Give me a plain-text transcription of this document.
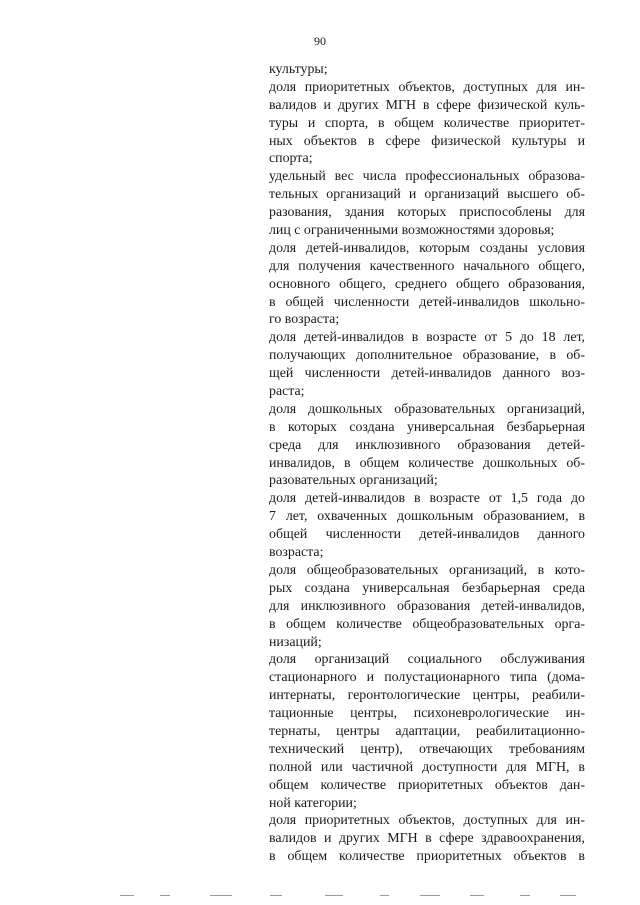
90
культуры;
доля приоритетных объектов, доступных для ин-
валидов и других МГН в сфере физической куль-
туры и спорта, в общем количестве приоритет-
ных объектов в сфере физической культуры и
спорта;
удельный вес числа профессиональных образова-
тельных организаций и организаций высшего об-
разования, здания которых приспособлены для
лиц с ограниченными возможностями здоровья;
доля детей-инвалидов, которым созданы условия
для получения качественного начального общего,
основного общего, среднего общего образования,
в общей численности детей-инвалидов школьно-
го возраста;
доля детей-инвалидов в возрасте от 5 до 18 лет,
получающих дополнительное образование, в об-
щей численности детей-инвалидов данного воз-
раста;
доля дошкольных образовательных организаций,
в которых создана универсальная безбарьерная
среда для инклюзивного образования детей-
инвалидов, в общем количестве дошкольных об-
разовательных организаций;
доля детей-инвалидов в возрасте от 1,5 года до
7 лет, охваченных дошкольным образованием, в
общей численности детей-инвалидов данного
возраста;
доля общеобразовательных организаций, в кото-
рых создана универсальная безбарьерная среда
для инклюзивного образования детей-инвалидов,
в общем количестве общеобразовательных орга-
низаций;
доля организаций социального обслуживания
стационарного и полустационарного типа (дома-
интернаты, геронтологические центры, реабили-
тационные центры, психоневрологические ин-
тернаты, центры адаптации, реабилитационно-
технический центр), отвечающих требованиям
полной или частичной доступности для МГН, в
общем количестве приоритетных объектов дан-
ной категории;
доля приоритетных объектов, доступных для ин-
валидов и других МГН в сфере здравоохранения,
в общем количестве приоритетных объектов в
